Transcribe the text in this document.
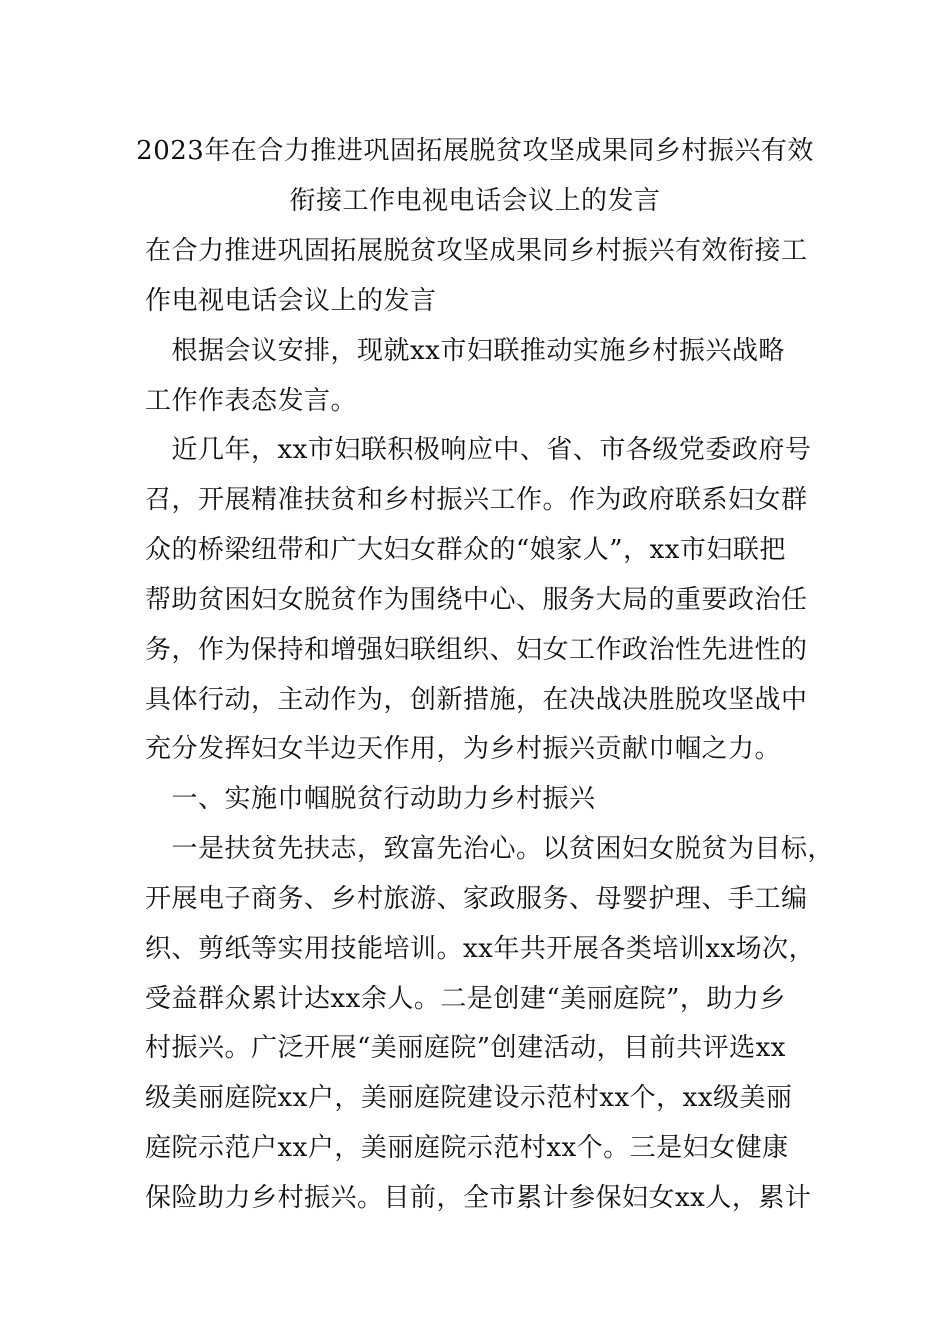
2023年在合力推进巩固拓展脱贫攻坚成果同乡村振兴有效
衔接工作电视电话会议上的发言
在合力推进巩固拓展脱贫攻坚成果同乡村振兴有效衔接工
作电视电话会议上的发言
　根据会议安排，现就xx市妇联推动实施乡村振兴战略
工作作表态发言。
　近几年，xx市妇联积极响应中、省、市各级党委政府号
召，开展精准扶贫和乡村振兴工作。作为政府联系妇女群
众的桥梁纽带和广大妇女群众的“娘家人”，xx市妇联把
帮助贫困妇女脱贫作为围绕中心、服务大局的重要政治任
务，作为保持和增强妇联组织、妇女工作政治性先进性的
具体行动，主动作为，创新措施，在决战决胜脱攻坚战中
充分发挥妇女半边天作用，为乡村振兴贡献巾帼之力。
　一、实施巾帼脱贫行动助力乡村振兴
　一是扶贫先扶志，致富先治心。以贫困妇女脱贫为目标，
开展电子商务、乡村旅游、家政服务、母婴护理、手工编
织、剪纸等实用技能培训。xx年共开展各类培训xx场次，
受益群众累计达xx余人。二是创建“美丽庭院”，助力乡
村振兴。广泛开展“美丽庭院”创建活动，目前共评选xx
级美丽庭院xx户，美丽庭院建设示范村xx个，xx级美丽
庭院示范户xx户，美丽庭院示范村xx个。三是妇女健康
保险助力乡村振兴。目前，全市累计参保妇女xx人，累计
